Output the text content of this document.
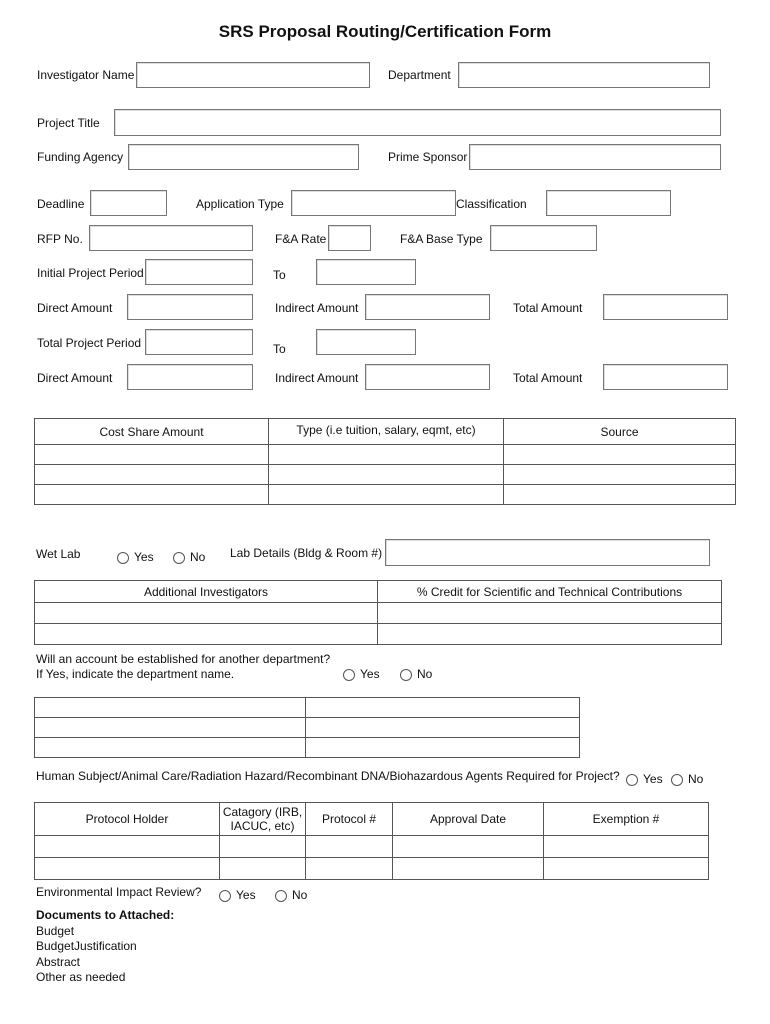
SRS Proposal Routing/Certification Form
Investigator Name	Department
Project Title
Funding Agency	Prime Sponsor
Deadline	Application Type	Classification
RFP No.	F&A Rate	F&A Base Type
Initial Project Period	To
Direct Amount	Indirect Amount	Total Amount
Total Project Period	To
Direct Amount	Indirect Amount	Total Amount
Cost Share Amount	Type (i.e tuition, salary, eqmt, etc)	Source

Wet Lab	Yes	No Lab Details (Bldg & Room #)
Additional Investigators	% Credit for Scientific and Technical Contributions

Will an account be established for another department?
If Yes, indicate the department name.	Yes	No

Human Subject/Animal Care/Radiation Hazard/Recombinant DNA/Biohazardous Agents Required for Project? Yes No
Protocol Holder	Catagory (IRB, IACUC, etc)	Protocol #	Approval Date	Exemption #

Environmental Impact Review?	Yes	No
Documents to Attached:
Budget
BudgetJustification
Abstract
Other as needed
